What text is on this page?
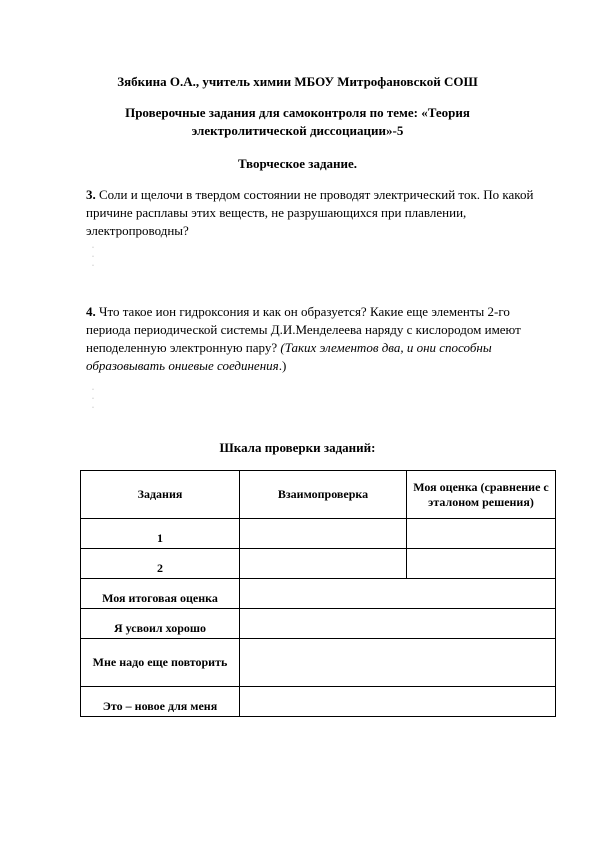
Зябкина О.А., учитель химии МБОУ Митрофановской СОШ
Проверочные задания для самоконтроля по теме: «Теория
электролитической диссоциации»-5
Творческое задание.
3. Соли и щелочи в твердом состоянии не проводят электрический ток. По какой причине расплавы этих веществ, не разрушающихся при плавлении, электропроводны?
·
·
·
4. Что такое ион гидроксония и как он образуется? Какие еще элементы 2-го периода периодической системы Д.И.Менделеева наряду с кислородом имеют неподеленную электронную пару? (Таких элементов два, и они способны образовывать ониевые соединения.)
·
·
·
Шкала проверки заданий:
Задания	Взаимопроверка	Моя оценка (сравнение с эталоном решения)
1		
2		
Моя итоговая оценка		
Я усвоил хорошо		
Мне надо еще повторить		
Это – новое для меня		
